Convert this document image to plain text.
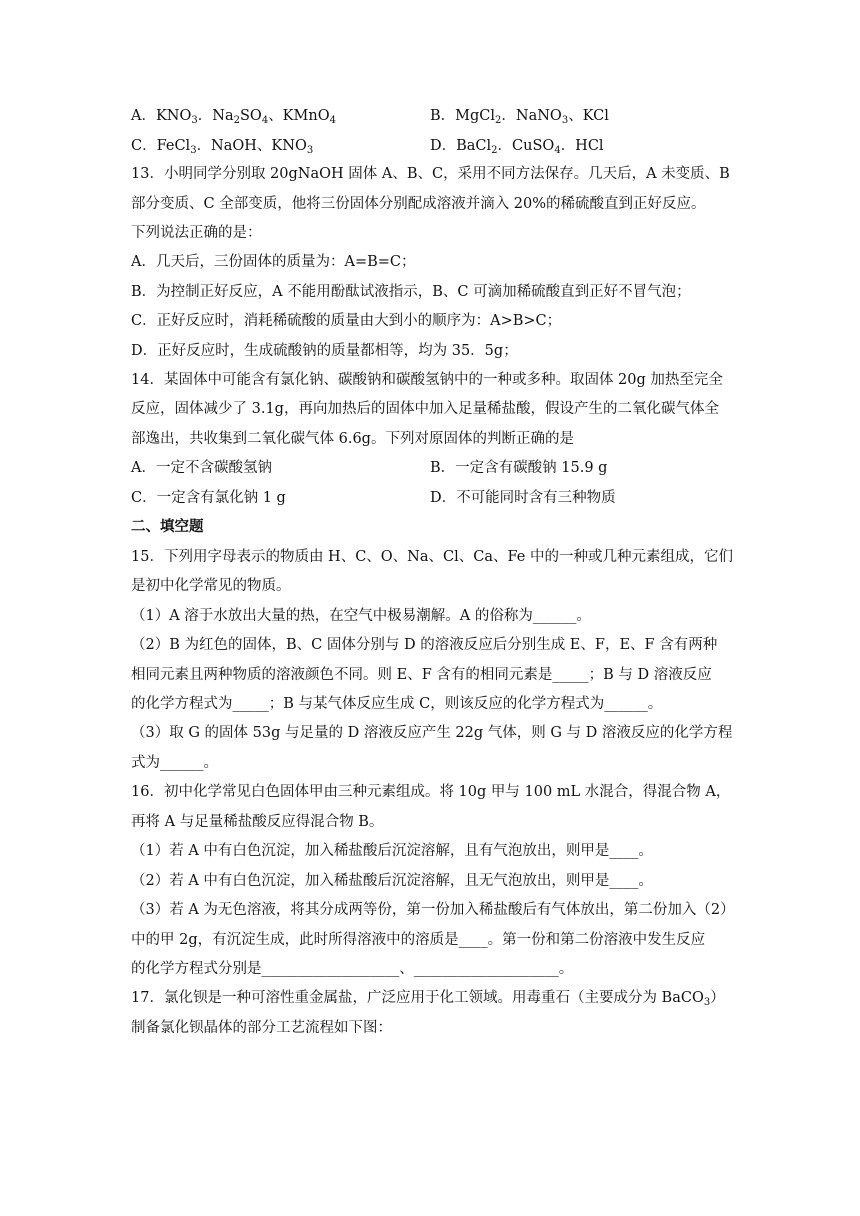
A．$KNO_3$．$Na_2SO_4$、KMnO$_4$	B．MgCl$_2$．NaNO$_3$、KCl
C．FeCl$_3$．NaOH、$KNO_3$	D．BaCl$_2$．CuSO$_4$．HCl
13．小明同学分别取 20gNaOH 固体 A、B、C，采用不同方法保存。几天后，A 未变质、B
部分变质、C 全部变质，他将三份固体分别配成溶液并滴入 20%的稀硫酸直到正好反应。
下列说法正确的是：
A．几天后，三份固体的质量为：A=B=C；
B．为控制正好反应，A 不能用酚酞试液指示，B、C 可滴加稀硫酸直到正好不冒气泡；
C．正好反应时，消耗稀硫酸的质量由大到小的顺序为：A>B>C；
D．正好反应时，生成硫酸钠的质量都相等，均为 35．5g；
14．某固体中可能含有氯化钠、碳酸钠和碳酸氢钠中的一种或多种。取固体 20g 加热至完全
反应，固体减少了 3.1g，再向加热后的固体中加入足量稀盐酸，假设产生的二氧化碳气体全
部逸出，共收集到二氧化碳气体 6.6g。下列对原固体的判断正确的是
A．一定不含碳酸氢钠	B．一定含有碳酸钠 15.9 g
C．一定含有氯化钠 1 g	D．不可能同时含有三种物质
二、填空题
15．下列用字母表示的物质由 H、C、O、Na、Cl、Ca、Fe 中的一种或几种元素组成，它们
是初中化学常见的物质。
（1）A 溶于水放出大量的热，在空气中极易潮解。A 的俗称为______。
（2）B 为红色的固体，B、C 固体分别与 D 的溶液反应后分别生成 E、F，E、F 含有两种
相同元素且两种物质的溶液颜色不同。则 E、F 含有的相同元素是_____；B 与 D 溶液反应
的化学方程式为_____；B 与某气体反应生成 C，则该反应的化学方程式为______。
（3）取 G 的固体 53g 与足量的 D 溶液反应产生 22g 气体，则 G 与 D 溶液反应的化学方程
式为______。
16．初中化学常见白色固体甲由三种元素组成。将 10g 甲与 100 mL 水混合，得混合物 A，
再将 A 与足量稀盐酸反应得混合物 B。
（1）若 A 中有白色沉淀，加入稀盐酸后沉淀溶解，且有气泡放出，则甲是____。
（2）若 A 中有白色沉淀，加入稀盐酸后沉淀溶解，且无气泡放出，则甲是____。
（3）若 A 为无色溶液，将其分成两等份，第一份加入稀盐酸后有气体放出，第二份加入（2）
中的甲 2g，有沉淀生成，此时所得溶液中的溶质是____。第一份和第二份溶液中发生反应
的化学方程式分别是___________________、____________________。
17．氯化钡是一种可溶性重金属盐，广泛应用于化工领域。用毒重石（主要成分为 BaCO$_3$）
制备氯化钡晶体的部分工艺流程如下图：
